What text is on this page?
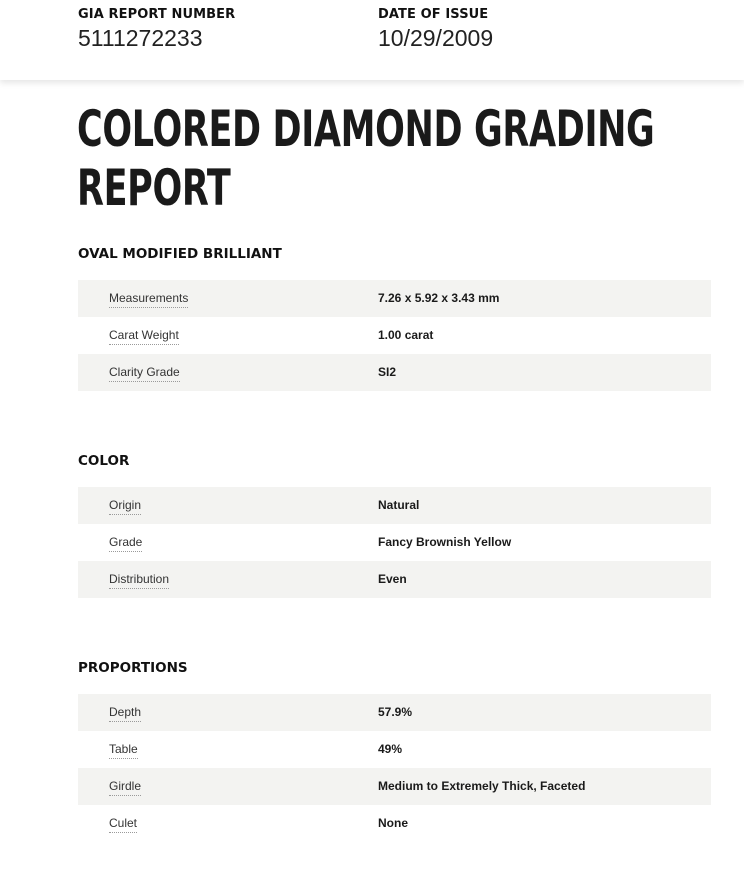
GIA REPORT NUMBER
5111272233
DATE OF ISSUE
10/29/2009
COLORED DIAMOND GRADING
REPORT
OVAL MODIFIED BRILLIANT
Measurements	7.26 x 5.92 x 3.43 mm
Carat Weight	1.00 carat
Clarity Grade	SI2
COLOR
Origin	Natural
Grade	Fancy Brownish Yellow
Distribution	Even
PROPORTIONS
Depth	57.9%
Table	49%
Girdle	Medium to Extremely Thick, Faceted
Culet	None
